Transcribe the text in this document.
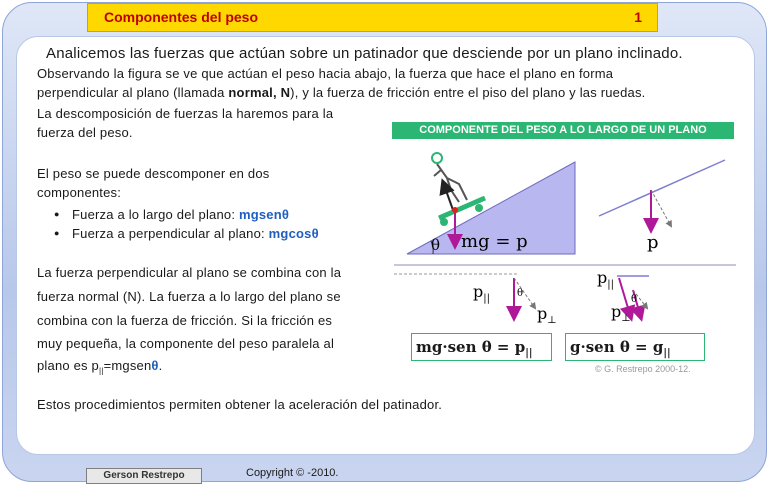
Componentes del peso	1
Analicemos las fuerzas que actúan sobre un patinador que desciende por un plano inclinado.
Observando la figura se ve que actúan el peso hacia abajo, la fuerza que hace el plano en forma
perpendicular al plano (llamada normal, N), y la fuerza de fricción entre el piso del plano y las ruedas.
La descomposición de fuerzas la haremos para la
fuerza del peso.
El peso se puede descomponer en dos
componentes:
● Fuerza a lo largo del plano: mgsenθ
● Fuerza a perpendicular al plano: mgcosθ
La fuerza perpendicular al plano se combina con la
fuerza normal (N). La fuerza a lo largo del plano se
combina con la fuerza de fricción. Si la fricción es
muy pequeña, la componente del peso paralela al
plano es $p_{||}=mgsen\theta$.
Estos procedimientos permiten obtener la aceleración del patinador.
COMPONENTE DEL PESO A LO LARGO DE UN PLANO
θ mg = p	p
$p_{||}$	θ
$p_\perp$
$p_{||}$
θ
$p_\perp$
mg·sen $\theta = p_{||}$	g·sen $\theta = g_{||}$
© G. Restrepo 2000-12.
Gerson Restrepo	Copyright © -2010.
